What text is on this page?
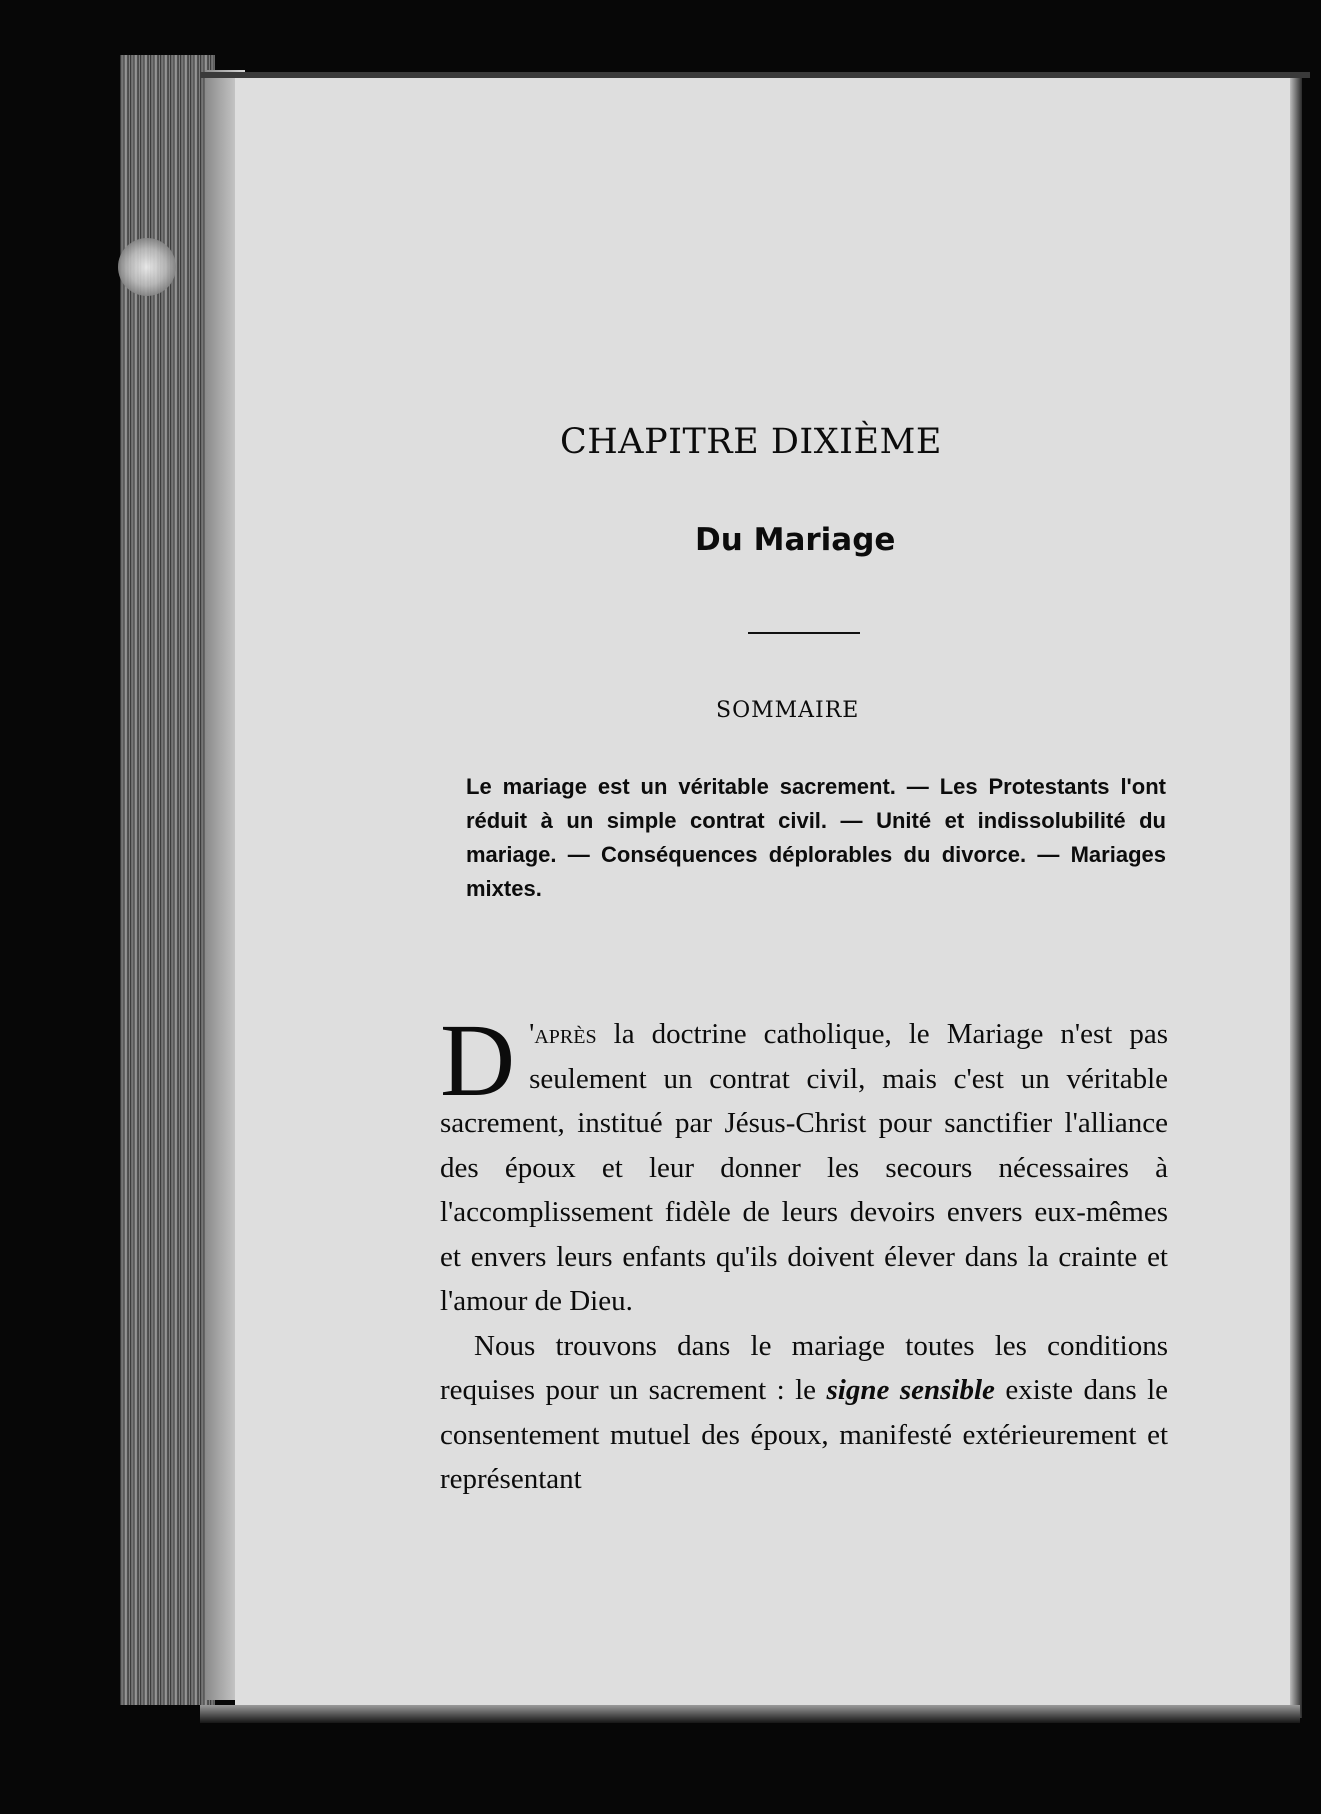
CHAPITRE DIXIÈME
Du Mariage
SOMMAIRE
Le mariage est un véritable sacrement. — Les Protestants l'ont réduit à un simple contrat civil. — Unité et indissolubilité du mariage. — Conséquences déplorables du divorce. — Mariages mixtes.

D 'après la doctrine catholique, le Mariage n'est pas seulement un contrat civil, mais c'est un véritable sacrement, institué par Jésus-Christ pour sanctifier l'alliance des époux et leur donner les secours nécessaires à l'accomplissement fidèle de leurs devoirs envers eux-mêmes et envers leurs enfants qu'ils doivent élever dans la crainte et l'amour de Dieu.

Nous trouvons dans le mariage toutes les conditions requises pour un sacrement : le signe sensible existe dans le consentement mutuel des époux, manifesté extérieurement et représentant
